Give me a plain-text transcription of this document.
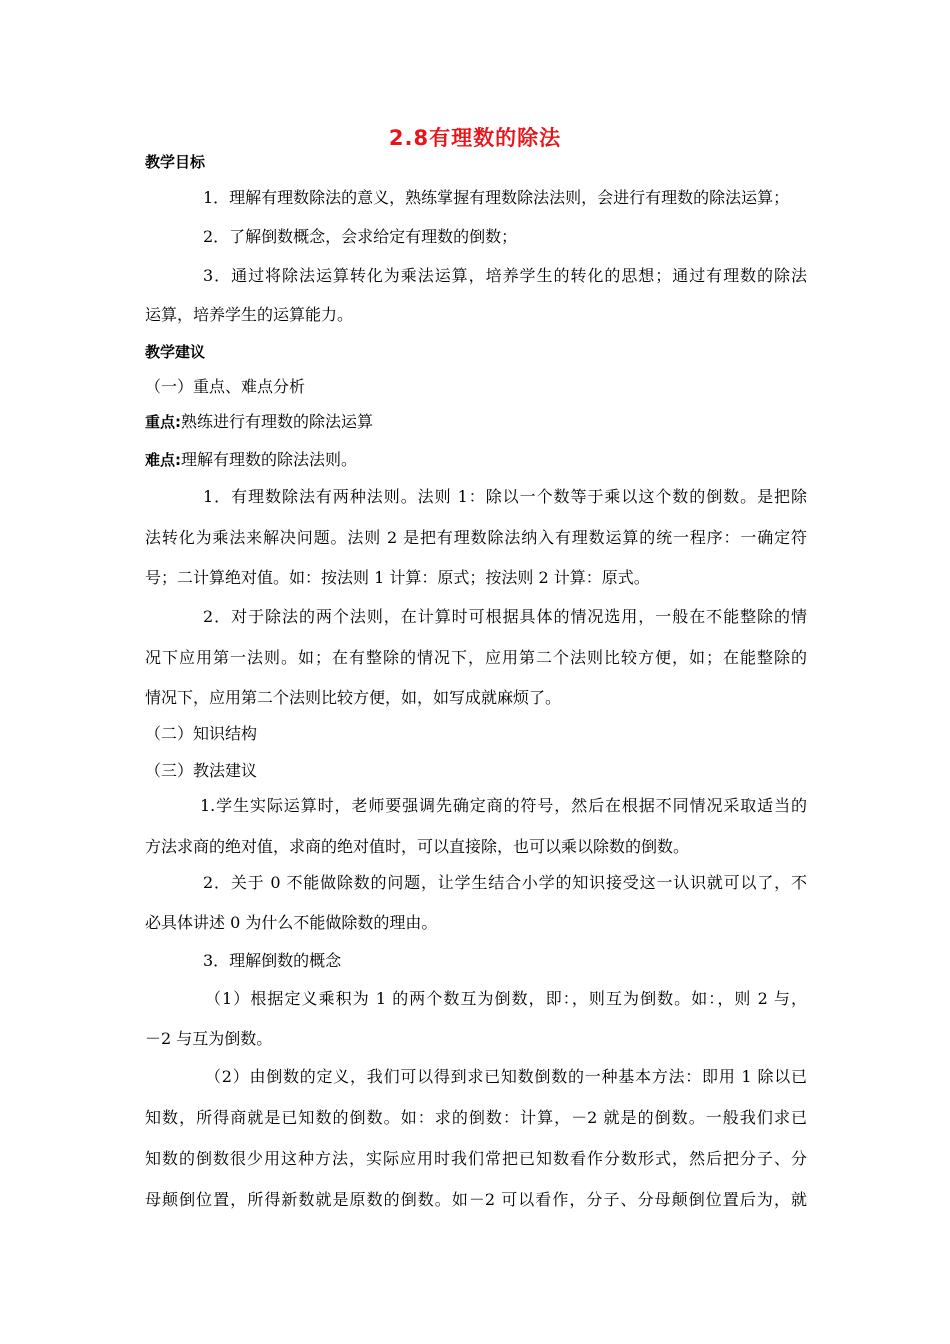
2.8有理数的除法
教学目标
1．理解有理数除法的意义，熟练掌握有理数除法法则，会进行有理数的除法运算；
2．了解倒数概念，会求给定有理数的倒数；
3．通过将除法运算转化为乘法运算，培养学生的转化的思想；通过有理数的除法
运算，培养学生的运算能力。
教学建议
（一）重点、难点分析
重点:熟练进行有理数的除法运算
难点:理解有理数的除法法则。
1．有理数除法有两种法则。法则 1：除以一个数等于乘以这个数的倒数。是把除
法转化为乘法来解决问题。法则 2 是把有理数除法纳入有理数运算的统一程序：一确定符
号；二计算绝对值。如：按法则 1 计算：原式；按法则 2 计算：原式。
2．对于除法的两个法则，在计算时可根据具体的情况选用，一般在不能整除的情
况下应用第一法则。如；在有整除的情况下，应用第二个法则比较方便，如；在能整除的
情况下，应用第二个法则比较方便，如，如写成就麻烦了。
（二）知识结构
（三）教法建议
1.学生实际运算时，老师要强调先确定商的符号，然后在根据不同情况采取适当的
方法求商的绝对值，求商的绝对值时，可以直接除，也可以乘以除数的倒数。
2．关于 0 不能做除数的问题，让学生结合小学的知识接受这一认识就可以了，不
必具体讲述 0 为什么不能做除数的理由。
3．理解倒数的概念
（1）根据定义乘积为 1 的两个数互为倒数，即：，则互为倒数。如：，则 2 与，
－2 与互为倒数。
（2）由倒数的定义，我们可以得到求已知数倒数的一种基本方法：即用 1 除以已
知数，所得商就是已知数的倒数。如：求的倒数：计算，－2 就是的倒数。一般我们求已
知数的倒数很少用这种方法，实际应用时我们常把已知数看作分数形式，然后把分子、分
母颠倒位置，所得新数就是原数的倒数。如－2 可以看作，分子、分母颠倒位置后为，就
